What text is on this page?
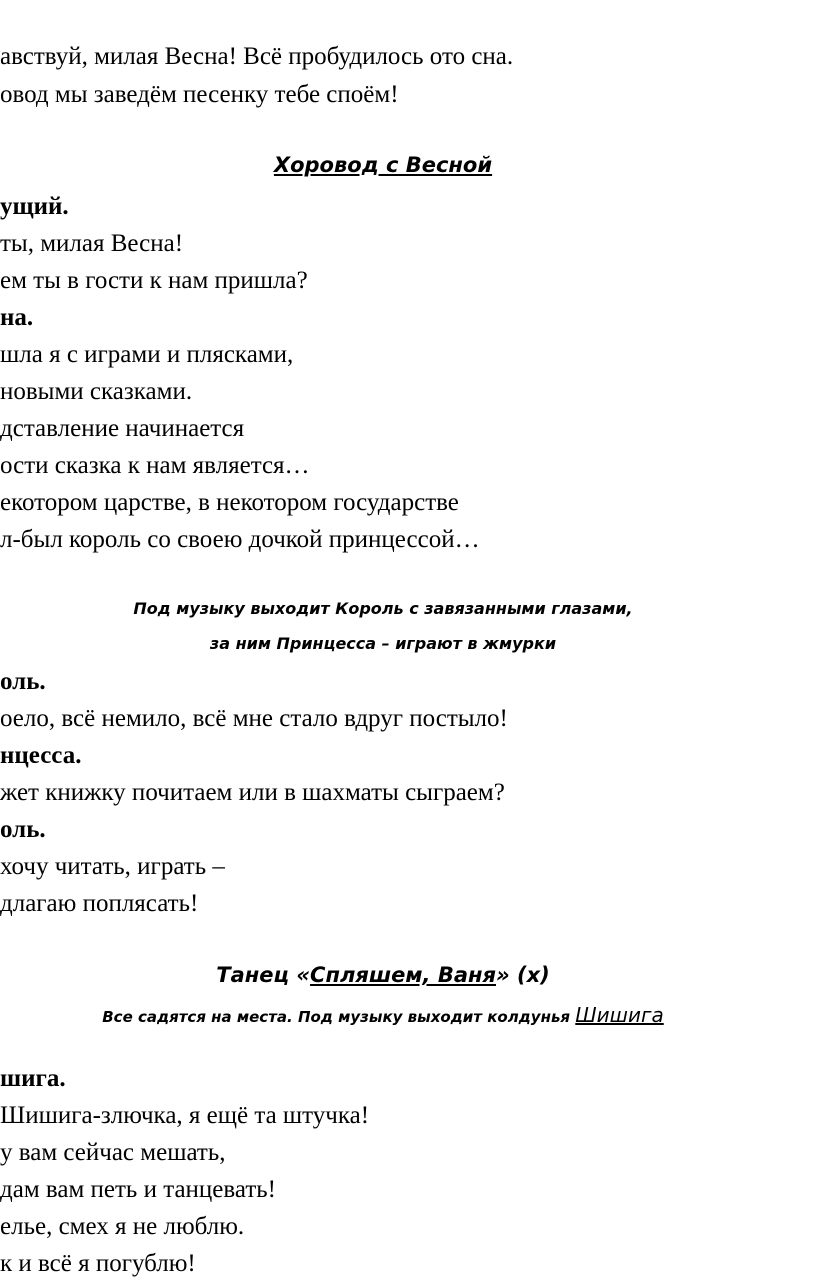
авствуй, милая Весна! Всё пробудилось ото сна.
овод мы заведём песенку тебе споём!
Хоровод с Весной
ущий.
ты, милая Весна!
ем ты в гости к нам пришла?
на.
шла я с играми и плясками,
новыми сказками.
дставление начинается
ости сказка к нам является…
екотором царстве, в некотором государстве
л-был король со своею дочкой принцессой…
Под музыку выходит Король с завязанными глазами,
за ним Принцесса – играют в жмурки
оль.
оело, всё немило, всё мне стало вдруг постыло!
нцесса.
жет книжку почитаем или в шахматы сыграем?
оль.
хочу читать, играть –
длагаю поплясать!
Танец «Спляшем, Ваня» (х)
Все садятся на места. Под музыку выходит колдунья Шишига
шига.
Шишига-злючка, я ещё та штучка!
у вам сейчас мешать,
дам вам петь и танцевать!
елье, смех я не люблю.
к и всё я погублю!
